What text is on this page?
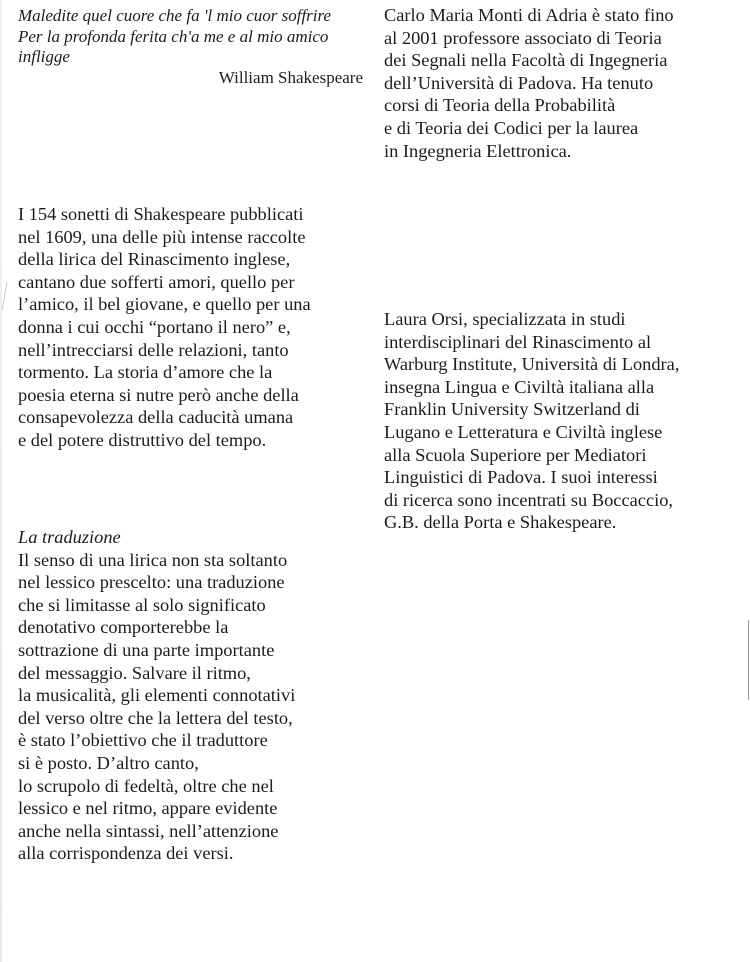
Maledite quel cuore che fa 'l mio cuor soffrire
Per la profonda ferita ch'a me e al mio amico
infligge
William Shakespeare
I 154 sonetti di Shakespeare pubblicati
nel 1609, una delle più intense raccolte
della lirica del Rinascimento inglese,
cantano due sofferti amori, quello per
l’amico, il bel giovane, e quello per una
donna i cui occhi “portano il nero” e,
nell’intrecciarsi delle relazioni, tanto
tormento. La storia d’amore che la
poesia eterna si nutre però anche della
consapevolezza della caducità umana
e del potere distruttivo del tempo.
La traduzione
Il senso di una lirica non sta soltanto
nel lessico prescelto: una traduzione
che si limitasse al solo significato
denotativo comporterebbe la
sottrazione di una parte importante
del messaggio. Salvare il ritmo,
la musicalità, gli elementi connotativi
del verso oltre che la lettera del testo,
è stato l’obiettivo che il traduttore
si è posto. D’altro canto,
lo scrupolo di fedeltà, oltre che nel
lessico e nel ritmo, appare evidente
anche nella sintassi, nell’attenzione
alla corrispondenza dei versi.
Carlo Maria Monti di Adria è stato fino
al 2001 professore associato di Teoria
dei Segnali nella Facoltà di Ingegneria
dell’Università di Padova. Ha tenuto
corsi di Teoria della Probabilità
e di Teoria dei Codici per la laurea
in Ingegneria Elettronica.
Laura Orsi, specializzata in studi
interdisciplinari del Rinascimento al
Warburg Institute, Università di Londra,
insegna Lingua e Civiltà italiana alla
Franklin University Switzerland di
Lugano e Letteratura e Civiltà inglese
alla Scuola Superiore per Mediatori
Linguistici di Padova. I suoi interessi
di ricerca sono incentrati su Boccaccio,
G.B. della Porta e Shakespeare.
